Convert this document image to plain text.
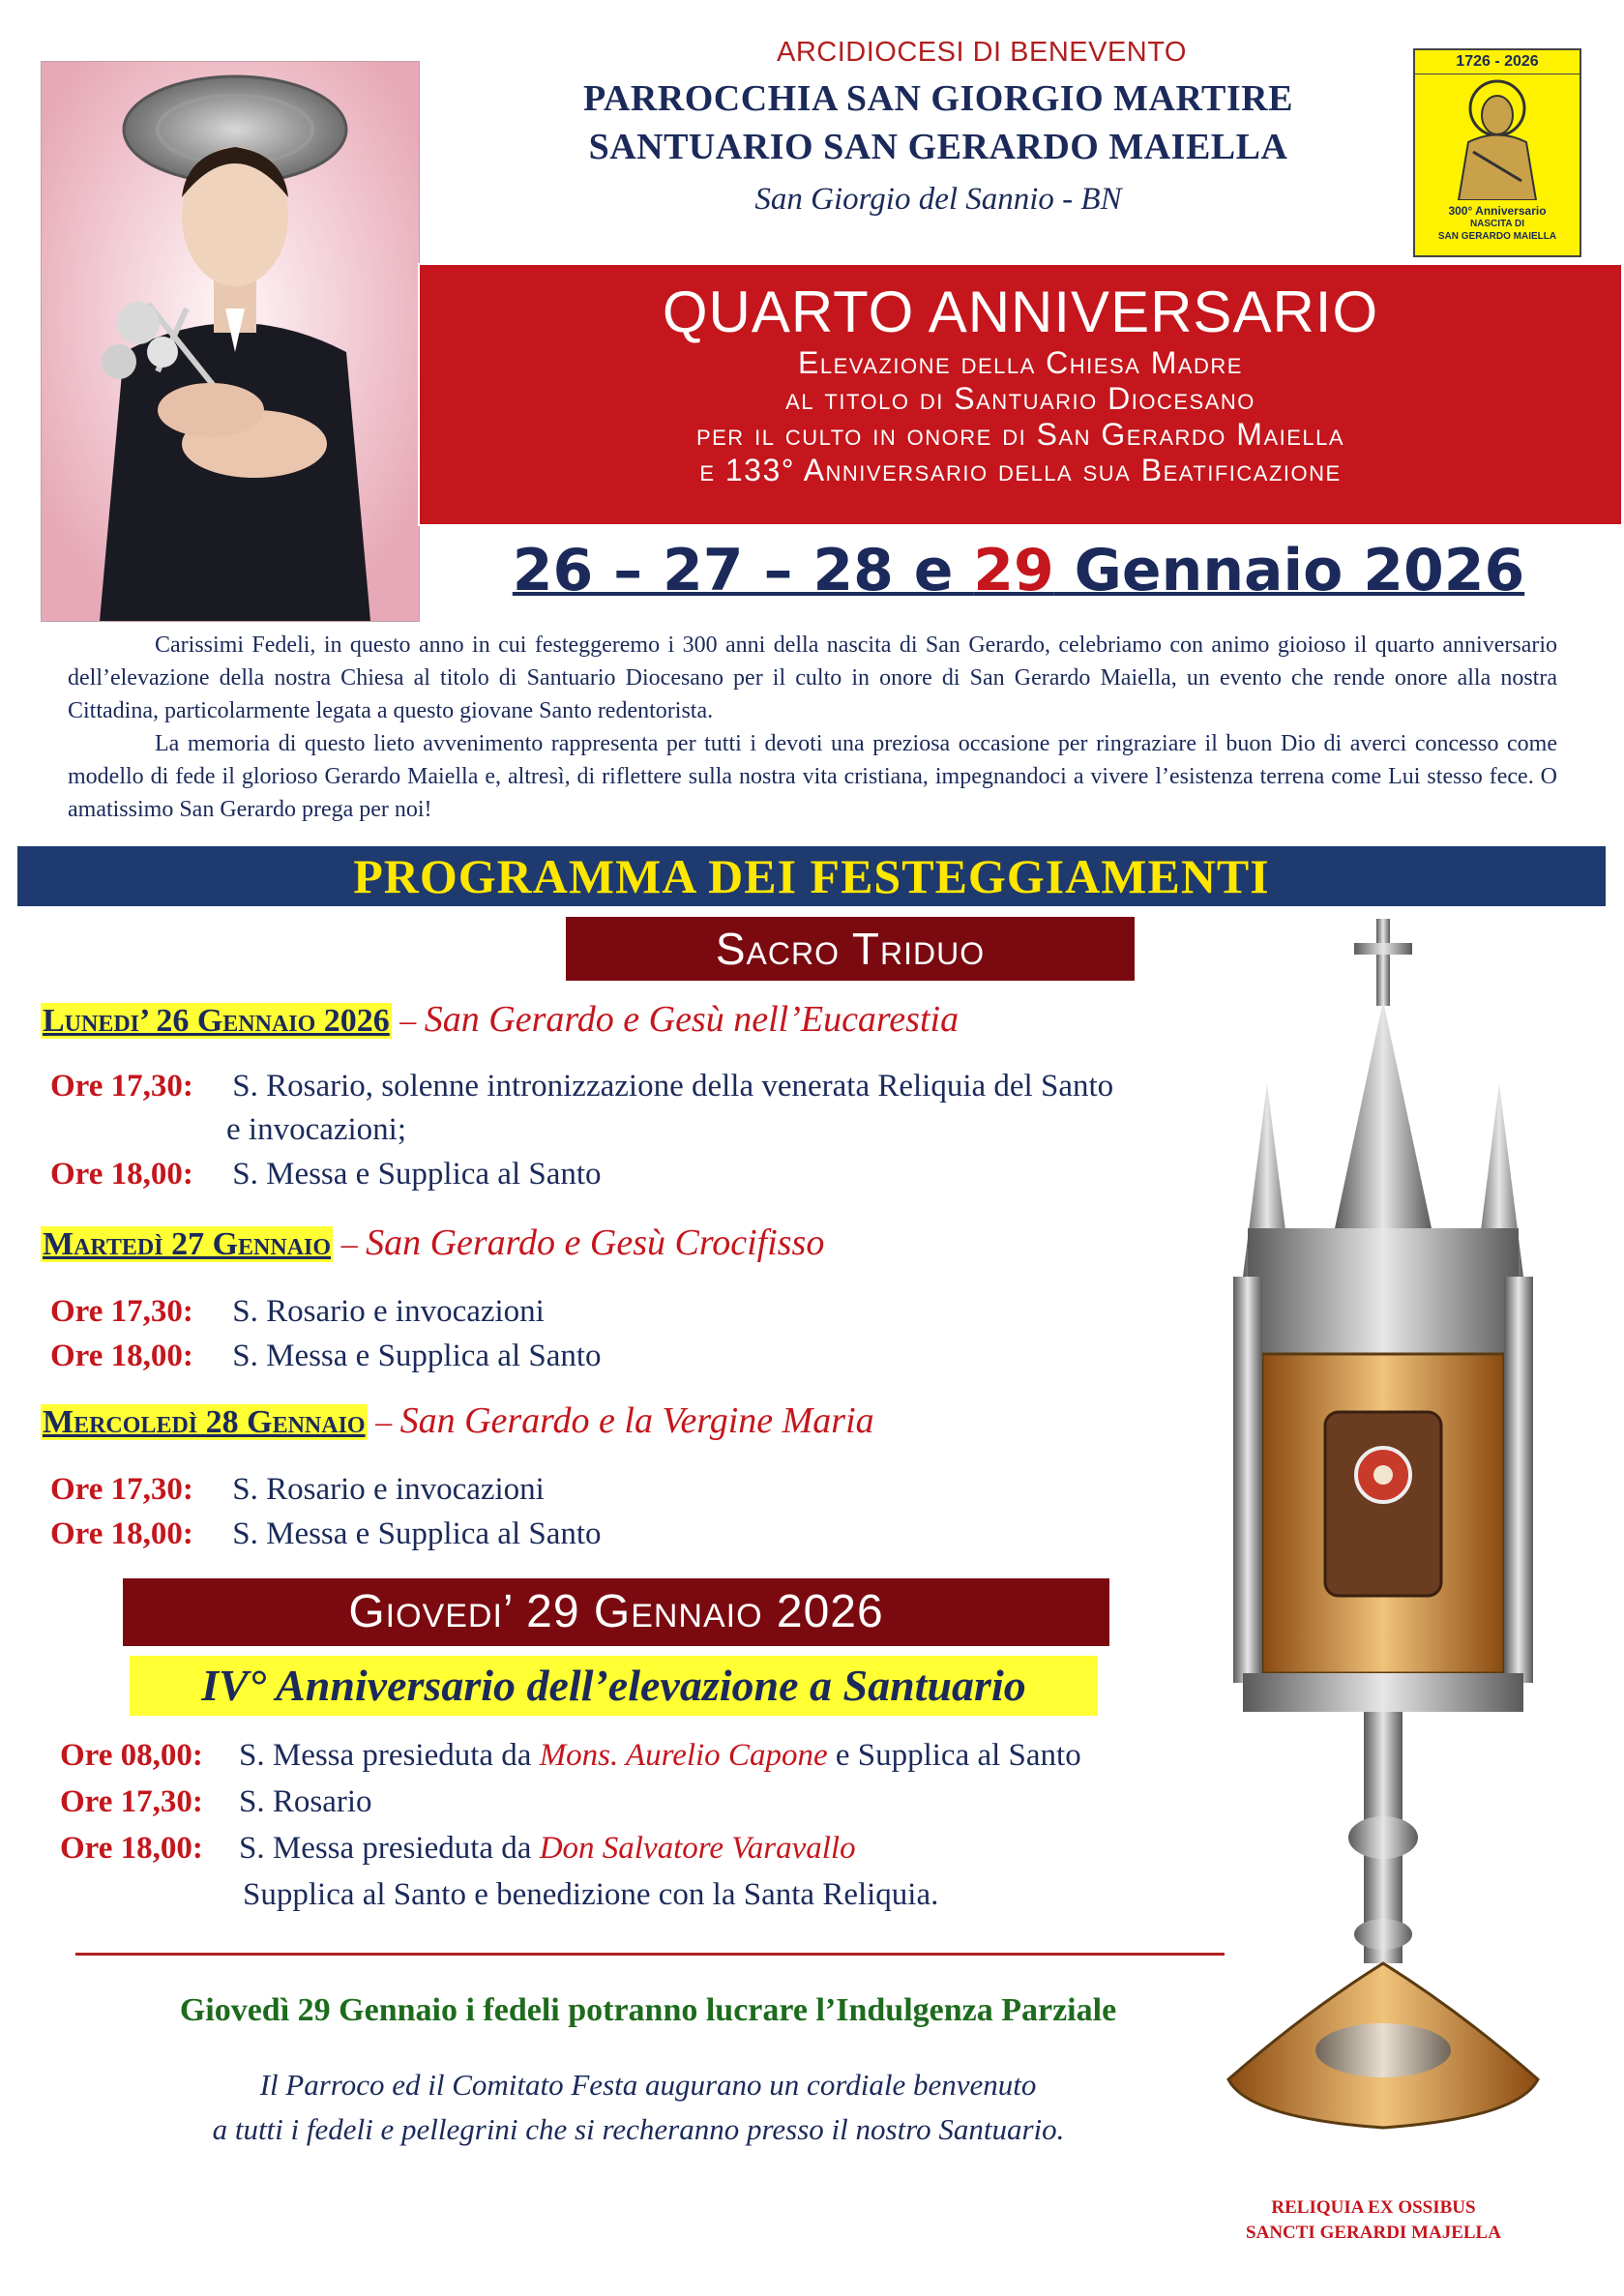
ARCIDIOCESI DI BENEVENTO
PARROCCHIA SAN GIORGIO MARTIRE
SANTUARIO SAN GERARDO MAIELLA
San Giorgio del Sannio - BN
1726 - 2026
300° Anniversario
NASCITA DI
SAN GERARDO MAIELLA
QUARTO ANNIVERSARIO
Elevazione della Chiesa Madre
al titolo di Santuario Diocesano
per il culto in onore di San Gerardo Maiella
e 133° Anniversario della sua Beatificazione
26 – 27 – 28 e 29 Gennaio 2026

Carissimi Fedeli, in questo anno in cui festeggeremo i 300 anni della nascita di San Gerardo, celebriamo con animo gioioso il quarto anniversario dell’elevazione della nostra Chiesa al titolo di Santuario Diocesano per il culto in onore di San Gerardo Maiella, un evento che rende onore alla nostra Cittadina, particolarmente legata a questo giovane Santo redentorista.

La memoria di questo lieto avvenimento rappresenta per tutti i devoti una preziosa occasione per ringraziare il buon Dio di averci concesso come modello di fede il glorioso Gerardo Maiella e, altresì, di riflettere sulla nostra vita cristiana, impegnandoci a vivere l’esistenza terrena come Lui stesso fece. O amatissimo San Gerardo prega per noi!

PROGRAMMA DEI FESTEGGIAMENTI
Sacro Triduo
Lunedi’ 26 Gennaio 2026 – San Gerardo e Gesù nell’Eucarestia
Ore 17,30: S. Rosario, solenne intronizzazione della venerata Reliquia del Santo
e invocazioni;
Ore 18,00: S. Messa e Supplica al Santo
Martedì 27 Gennaio – San Gerardo e Gesù Crocifisso
Ore 17,30: S. Rosario e invocazioni
Ore 18,00: S. Messa e Supplica al Santo
Mercoledì 28 Gennaio – San Gerardo e la Vergine Maria
Ore 17,30: S. Rosario e invocazioni
Ore 18,00: S. Messa e Supplica al Santo
Giovedi’ 29 Gennaio 2026
IV° Anniversario dell’elevazione a Santuario
Ore 08,00: S. Messa presieduta da Mons. Aurelio Capone e Supplica al Santo
Ore 17,30: S. Rosario
Ore 18,00: S. Messa presieduta da Don Salvatore Varavallo
Supplica al Santo e benedizione con la Santa Reliquia.
Giovedì 29 Gennaio i fedeli potranno lucrare l’Indulgenza Parziale
Il Parroco ed il Comitato Festa augurano un cordiale benvenuto
a tutti i fedeli e pellegrini che si recheranno presso il nostro Santuario.
RELIQUIA EX OSSIBUS
SANCTI GERARDI MAJELLA
